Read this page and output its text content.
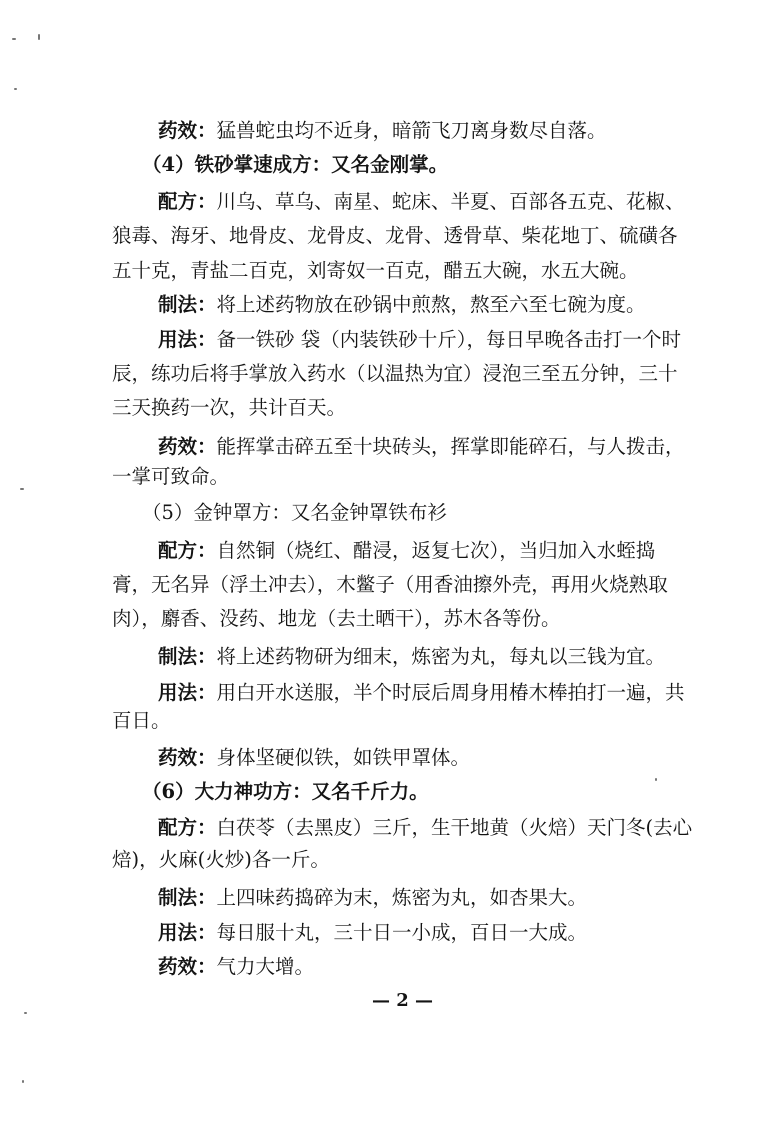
药效：猛兽蛇虫均不近身，暗箭飞刀离身数尽自落。
（4）铁砂掌速成方：又名金刚掌。
配方：川乌、草乌、南星、蛇床、半夏、百部各五克、花椒、
狼毒、海牙、地骨皮、龙骨皮、龙骨、透骨草、柴花地丁、硫磺各
五十克，青盐二百克，刘寄奴一百克，醋五大碗，水五大碗。
制法：将上述药物放在砂锅中煎熬，熬至六至七碗为度。
用法：备一铁砂 袋（内装铁砂十斤），每日早晚各击打一个时
辰，练功后将手掌放入药水（以温热为宜）浸泡三至五分钟，三十
三天换药一次，共计百天。
药效：能挥掌击碎五至十块砖头，挥掌即能碎石，与人拨击，
一掌可致命。
（5）金钟罩方：又名金钟罩铁布衫
配方：自然铜（烧红、醋浸，返复七次），当归加入水蛭捣
膏，无名异（浮土冲去），木鳖子（用香油擦外壳，再用火烧熟取
肉），麝香、没药、地龙（去土晒干），苏木各等份。
制法：将上述药物研为细末，炼密为丸，每丸以三钱为宜。
用法：用白开水送服，半个时辰后周身用椿木棒拍打一遍，共
百日。
药效：身体坚硬似铁，如铁甲罩体。
（6）大力神功方：又名千斤力。
配方：白茯苓（去黑皮）三斤，生干地黄（火焙）天门冬(去心
焙)，火麻(火炒)各一斤。
制法：上四味药捣碎为末，炼密为丸，如杏果大。
用法：每日服十丸，三十日一小成，百日一大成。
药效：气力大增。
— 2 —
